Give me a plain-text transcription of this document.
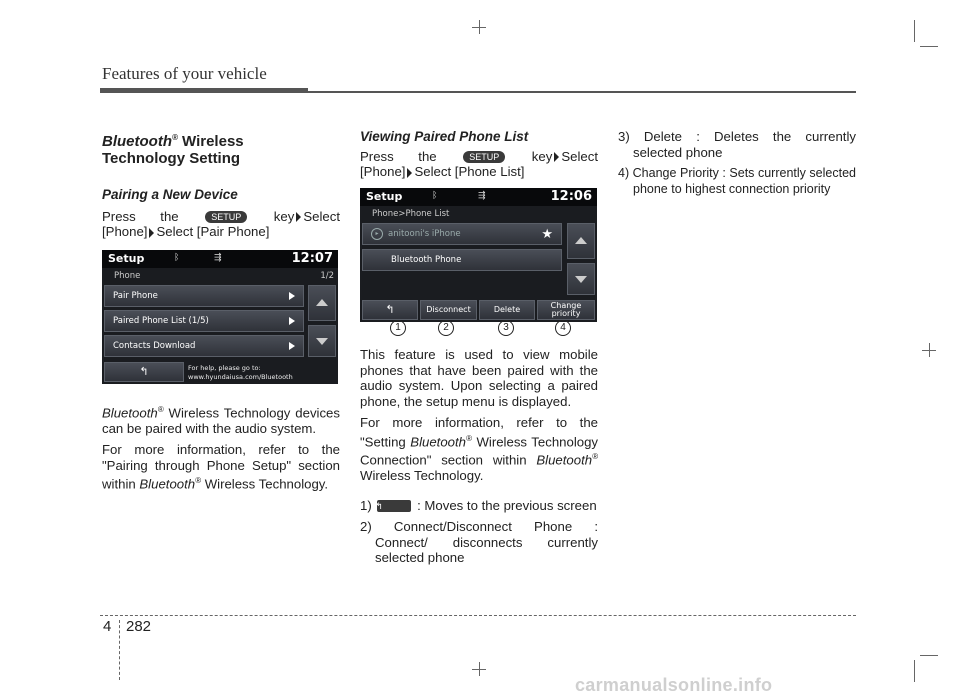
Features of your vehicle

Bluetooth® Wireless
Technology Setting

Pairing a New Device

Press the	SETUP key Select

[Phone] Select [Pair Phone]

Setup	ᛒ	⇶	12:07
Phone	1/2
Pair Phone
Paired Phone List (1/5)
Contacts Download
↰	For help, please go to:
www.hyundaiusa.com/Bluetooth

Bluetooth® Wireless Technology devices can be paired with the audio system.

For more information, refer to the "Pairing through Phone Setup" section within Bluetooth® Wireless Technology.

Viewing Paired Phone List

Press the	SETUP key Select

[Phone] Select [Phone List]

Setup	ᛒ	⇶	12:06
Phone>Phone List
▸	anitooni's iPhone	★
Bluetooth Phone
↰	Disconnect	Delete	Change priority
1	2	3	4

This feature is used to view mobile phones that have been paired with the audio system. Upon selecting a paired phone, the setup menu is displayed.

For more information, refer to the "Setting Bluetooth® Wireless Technology Connection" section within Bluetooth® Wireless Technology.

1) ↰	: Moves to the previous screen

2) Connect/Disconnect Phone : Connect/ disconnects currently selected phone

3) Delete : Deletes the currently selected phone

4) Change Priority : Sets currently selected phone to highest connection priority

4 282
carmanualsonline.info
